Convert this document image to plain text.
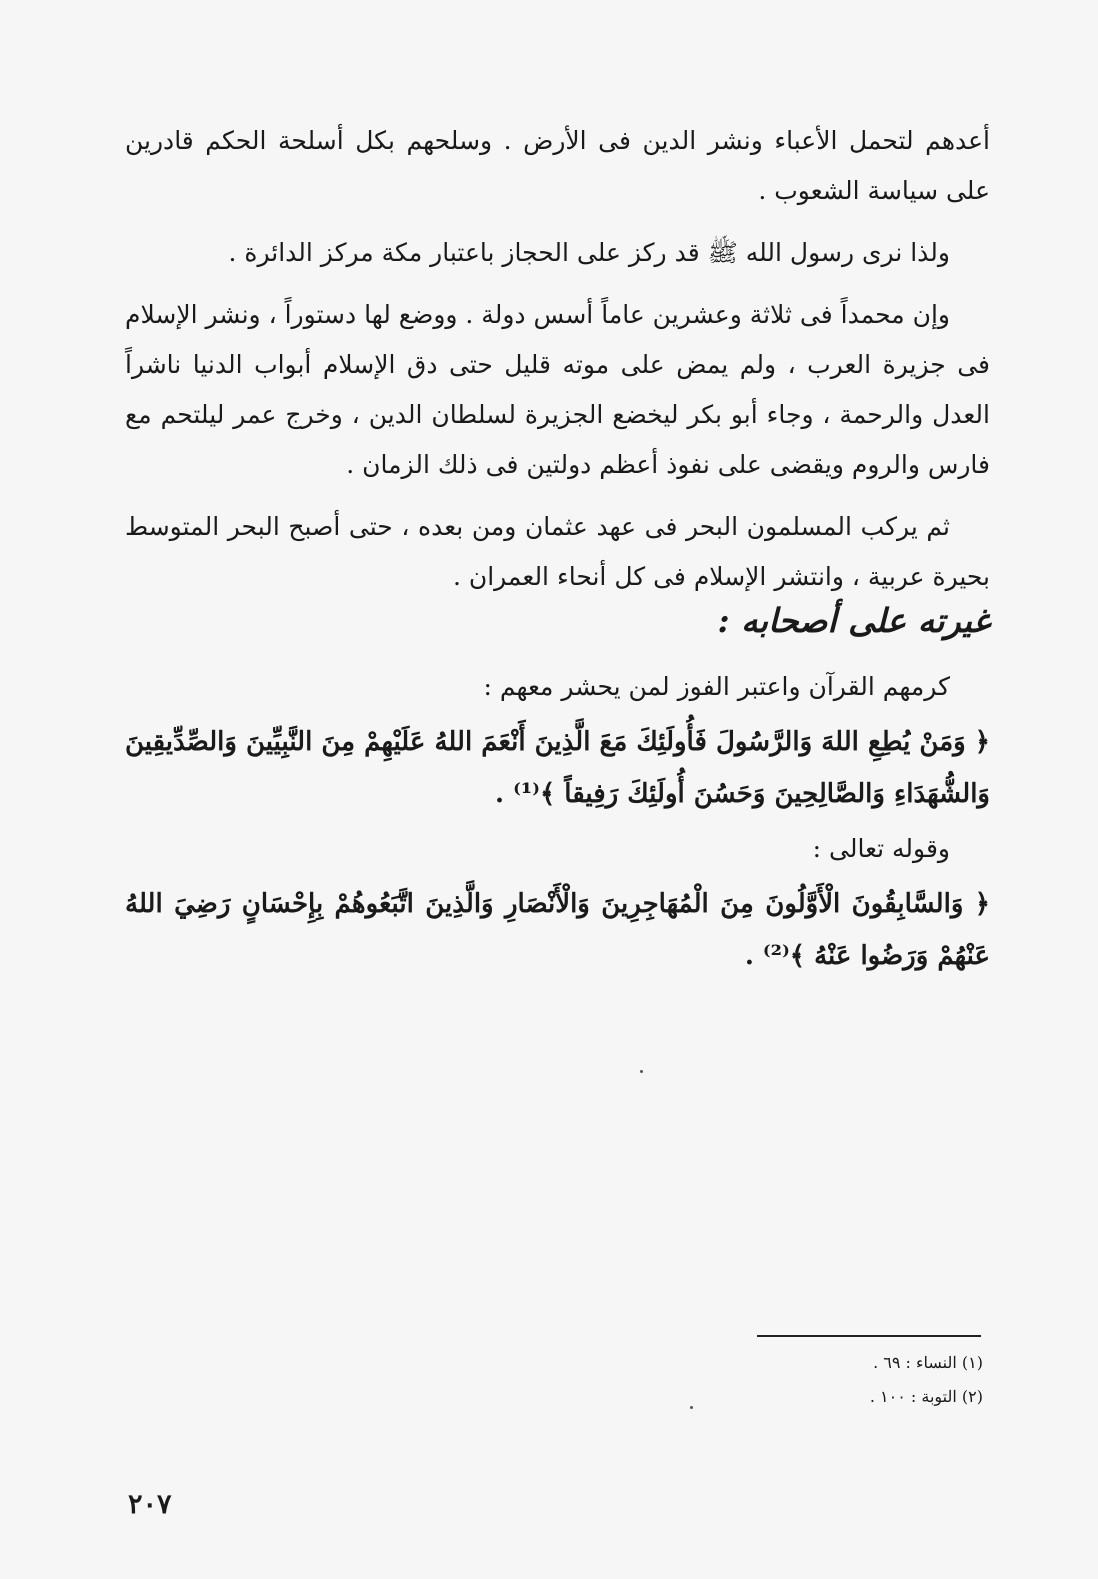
أعدهم لتحمل الأعباء ونشر الدين فى الأرض . وسلحهم بكل أسلحة الحكم قادرين على سياسة الشعوب .

ولذا نرى رسول الله ﷺ قد ركز على الحجاز باعتبار مكة مركز الدائرة .

وإن محمداً فى ثلاثة وعشرين عاماً أسس دولة . ووضع لها دستوراً ، ونشر الإسلام فى جزيرة العرب ، ولم يمض على موته قليل حتى دق الإسلام أبواب الدنيا ناشراً العدل والرحمة ، وجاء أبو بكر ليخضع الجزيرة لسلطان الدين ، وخرج عمر ليلتحم مع فارس والروم ويقضى على نفوذ أعظم دولتين فى ذلك الزمان .

ثم يركب المسلمون البحر فى عهد عثمان ومن بعده ، حتى أصبح البحر المتوسط بحيرة عربية ، وانتشر الإسلام فى كل أنحاء العمران .

غيرته على أصحابه :

كرمهم القرآن واعتبر الفوز لمن يحشر معهم :

﴿ وَمَنْ يُطِعِ اللهَ وَالرَّسُولَ فَأُولَئِكَ مَعَ الَّذِينَ أَنْعَمَ اللهُ عَلَيْهِمْ مِنَ النَّبِيِّينَ وَالصِّدِّيقِينَ وَالشُّهَدَاءِ وَالصَّالِحِينَ وَحَسُنَ أُولَئِكَ رَفِيقاً ﴾⁽¹⁾ .

وقوله تعالى :

﴿ وَالسَّابِقُونَ الْأَوَّلُونَ مِنَ الْمُهَاجِرِينَ وَالْأَنْصَارِ وَالَّذِينَ اتَّبَعُوهُمْ بِإِحْسَانٍ رَضِيَ اللهُ عَنْهُمْ وَرَضُوا عَنْهُ ﴾⁽²⁾ .

(١) النساء : ٦٩ .
(٢) التوبة : ١٠٠ .
٢٠٧
